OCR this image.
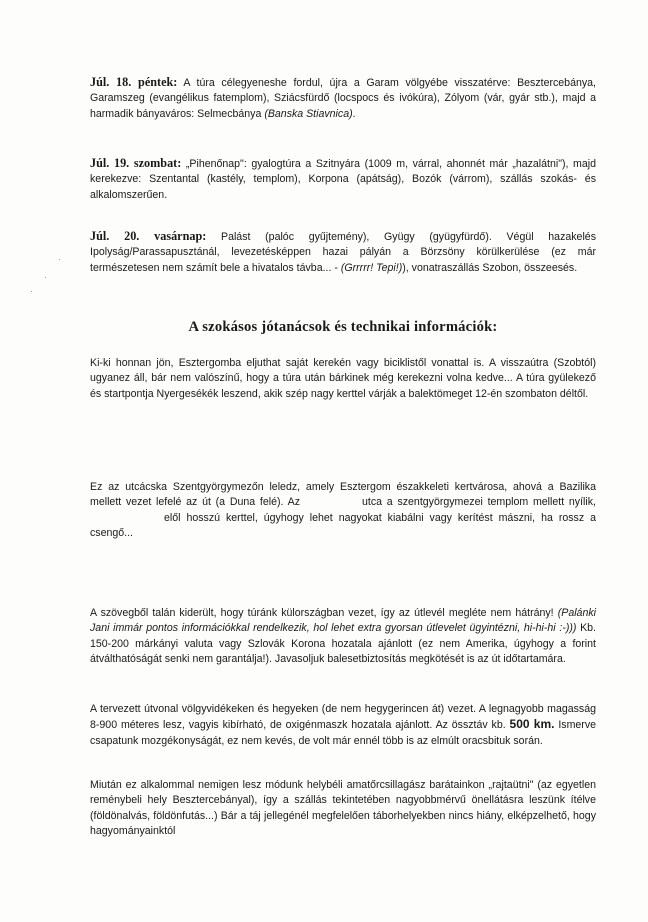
Júl. 18. péntek: A túra célegyeneshe fordul, újra a Garam völgyébe visszatérve: Besztercebánya, Garamszeg (evangélikus fatemplom), Sziácsfürdő (locspocs és ivókúra), Zólyom (vár, gyár stb.), majd a harmadik bányaváros: Selmecbánya (Banska Stiavnica).

Júl. 19. szombat: „Pihenőnap": gyalogtúra a Szitnyára (1009 m, várral, ahonnét már „hazalátni"), majd kerekezve: Szentantal (kastély, templom), Korpona (apátság), Bozók (várrom), szállás szokás- és alkalomszerűen.

Júl. 20. vasárnap: Palást (palóc gyűjtemény), Gyügy (gyügyfürdő). Végül hazakelés Ipolyság/Parassapusztánál, levezetésképpen hazai pályán a Börzsöny körülkerülése (ez már természetesen nem számít bele a hivatalos távba... - (Grrrrr! Tepi!)), vonatraszállás Szobon, összeesés.

·
·
·
A szokásos jótanácsok és technikai információk:

Ki-ki honnan jön, Esztergomba eljuthat saját kerekén vagy biciklistől vonattal is. A visszaútra (Szobtól) ugyanez áll, bár nem valószínű, hogy a túra után bárkinek még kerekezni volna kedve... A túra gyülekező és startpontja Nyergesékék leszend, akik szép nagy kerttel várják a balektömeget 12-én szombaton déltől.

Ez az utcácska Szentgyörgymezőn leledz, amely Esztergom északkeleti kertvárosa, ahová a Bazilika mellett vezet lefelé az út (a Duna felé). Az	utca a szentgyörgymezei templom mellett nyílik,elől hosszú kerttel, úgyhogy lehet nagyokat kiabálni vagy kerítést mászni, ha rossz a csengő...

A szövegből talán kiderült, hogy túránk külországban vezet, így az útlevél meglétе nem hátrány! (Palánki Jani immár pontos információkkal rendelkezik, hol lehet extra gyorsan útlevelet ügyintézni, hi-hi-hi :-))) Kb. 150-200 márkányi valuta vagy Szlovák Korona hozatala ajánlott (ez nem Amerika, úgyhogy a forint átválthatóságát senki nem garantálja!). Javasoljuk balesetbiztosítás megkötését is az út időtartamára.

A tervezett útvonal völgyvidékeken és hegyeken (de nem hegygerincen át) vezet. A legnagyobb magasság 8-900 méteres lesz, vagyis kibírható, de oxigénmaszk hozatala ajánlott. Az össztáv kb. 500 km. Ismerve csapatunk mozgékonyságát, ez nem kevés, de volt már ennél több is az elmúlt oracsbituk során.

Miután ez alkalommal nemigen lesz módunk helybéli amatőrcsillagász barátainkon „rajtaütni" (az egyetlen reménybeli hely Besztercebányal), így a szállás tekintetében nagyobbmérvű önellátásra leszünk ítélve (földönalvás, földönfutás...) Bár a táj jellegénél megfelelően táborhelyekben nincs hiány, elképzelhető, hogy hagyományainktól
